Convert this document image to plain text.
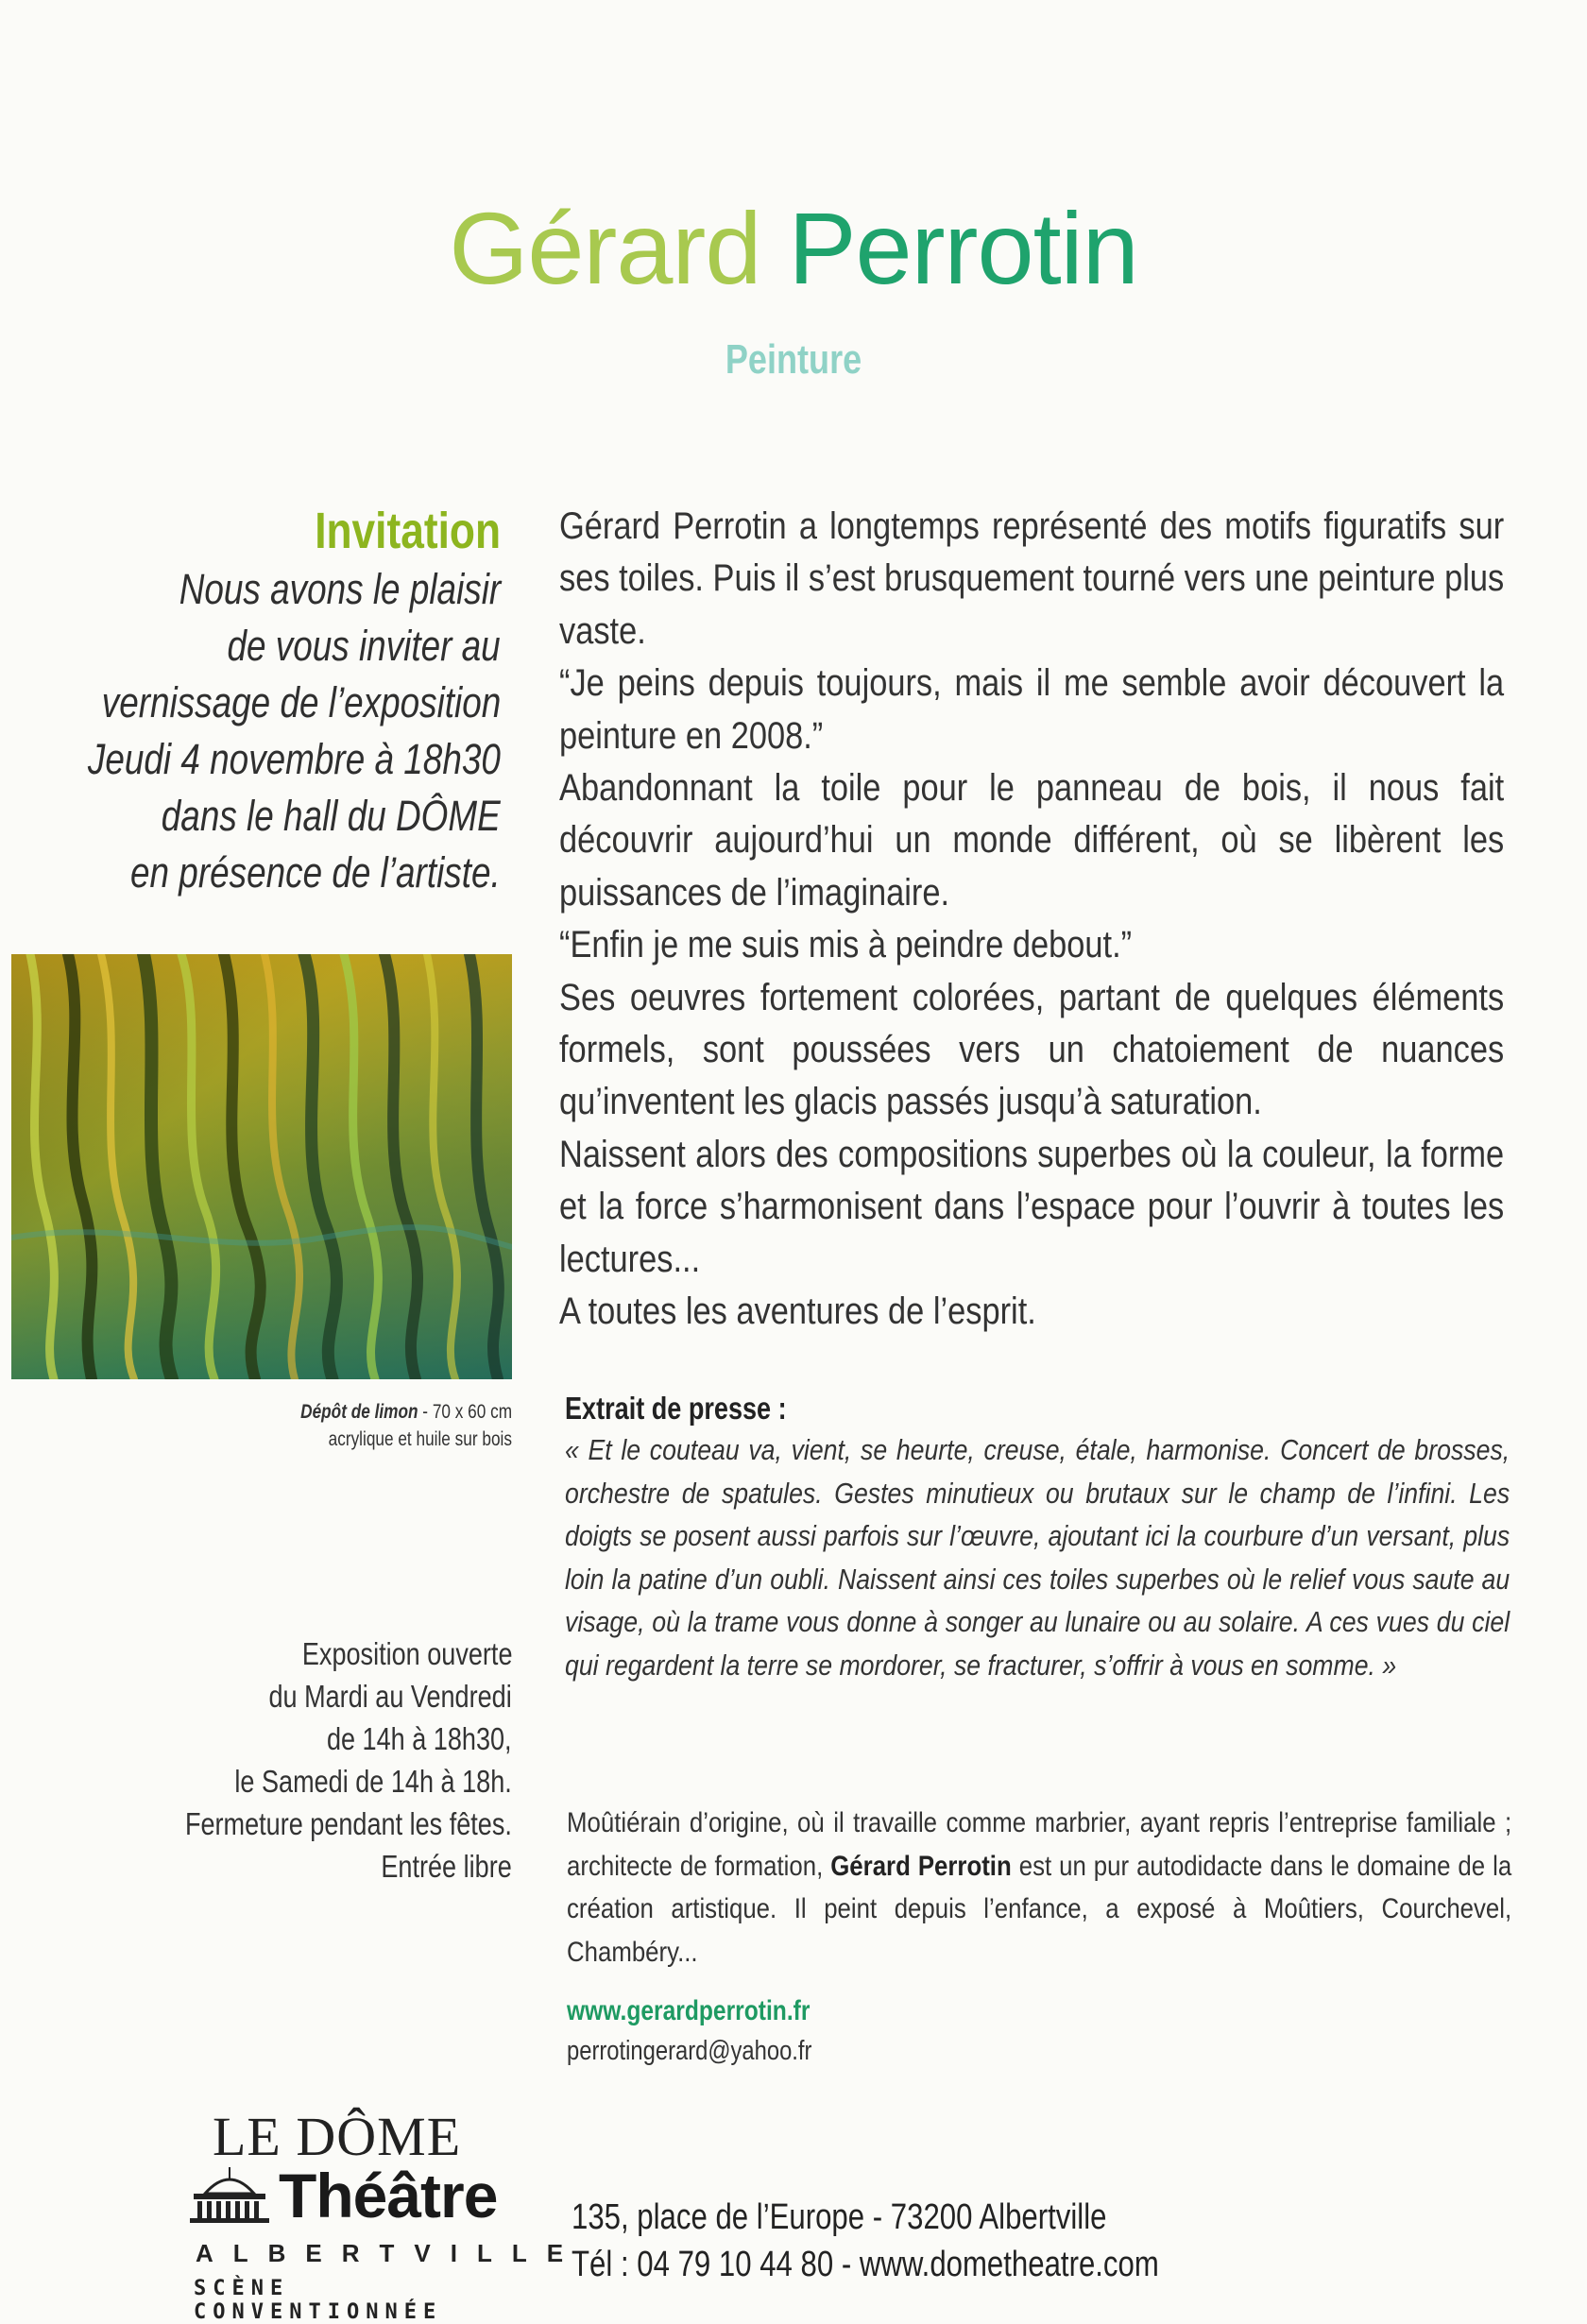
Gérard Perrotin
Peinture
Invitation
Nous avons le plaisir
de vous inviter au
vernissage de l’exposition
Jeudi 4 novembre à 18h30
dans le hall du DÔME
en présence de l’artiste.
Dépôt de limon - 70 x 60 cm
acrylique et huile sur bois
Exposition ouverte
du Mardi au Vendredi
de 14h à 18h30,
le Samedi de 14h à 18h.
Fermeture pendant les fêtes.
Entrée libre
LE DÔME
Théâtre
ALBERTVILLE
SCÈNE CONVENTIONNÉE

Gérard Perrotin a longtemps représenté des motifs figuratifs sur ses toiles. Puis il s’est brusquement tourné vers une peinture plus vaste.

“Je peins depuis toujours, mais il me semble avoir découvert la peinture en 2008.”

Abandonnant la toile pour le panneau de bois, il nous fait découvrir aujourd’hui un monde différent, où se libèrent les puissances de l’imaginaire.

“Enfin je me suis mis à peindre debout.”

Ses oeuvres fortement colorées, partant de quelques éléments formels, sont poussées vers un chatoiement de nuances qu’inventent les glacis passés jusqu’à saturation.

Naissent alors des compositions superbes où la couleur, la forme et la force s’harmonisent dans l’espace pour l’ouvrir à toutes les lectures...

A toutes les aventures de l’esprit.

Extrait de presse :
« Et le couteau va, vient, se heurte, creuse, étale, harmonise. Concert de brosses, orchestre de spatules. Gestes minutieux ou brutaux sur le champ de l’infini. Les doigts se posent aussi parfois sur l’œuvre, ajoutant ici la courbure d’un versant, plus loin la patine d’un oubli. Naissent ainsi ces toiles superbes où le relief vous saute au visage, où la trame vous donne à songer au lunaire ou au solaire. A ces vues du ciel qui regardent la terre se mordorer, se fracturer, s’offrir à vous en somme. »
Moûtiérain d’origine, où il travaille comme marbrier, ayant repris l’entreprise familiale ; architecte de formation, Gérard Perrotin est un pur autodidacte dans le domaine de la création artistique. Il peint depuis l’enfance, a exposé à Moûtiers, Courchevel, Chambéry...
www.gerardperrotin.fr
perrotingerard@yahoo.fr
135, place de l’Europe - 73200 Albertville
Tél : 04 79 10 44 80 - www.dometheatre.com
